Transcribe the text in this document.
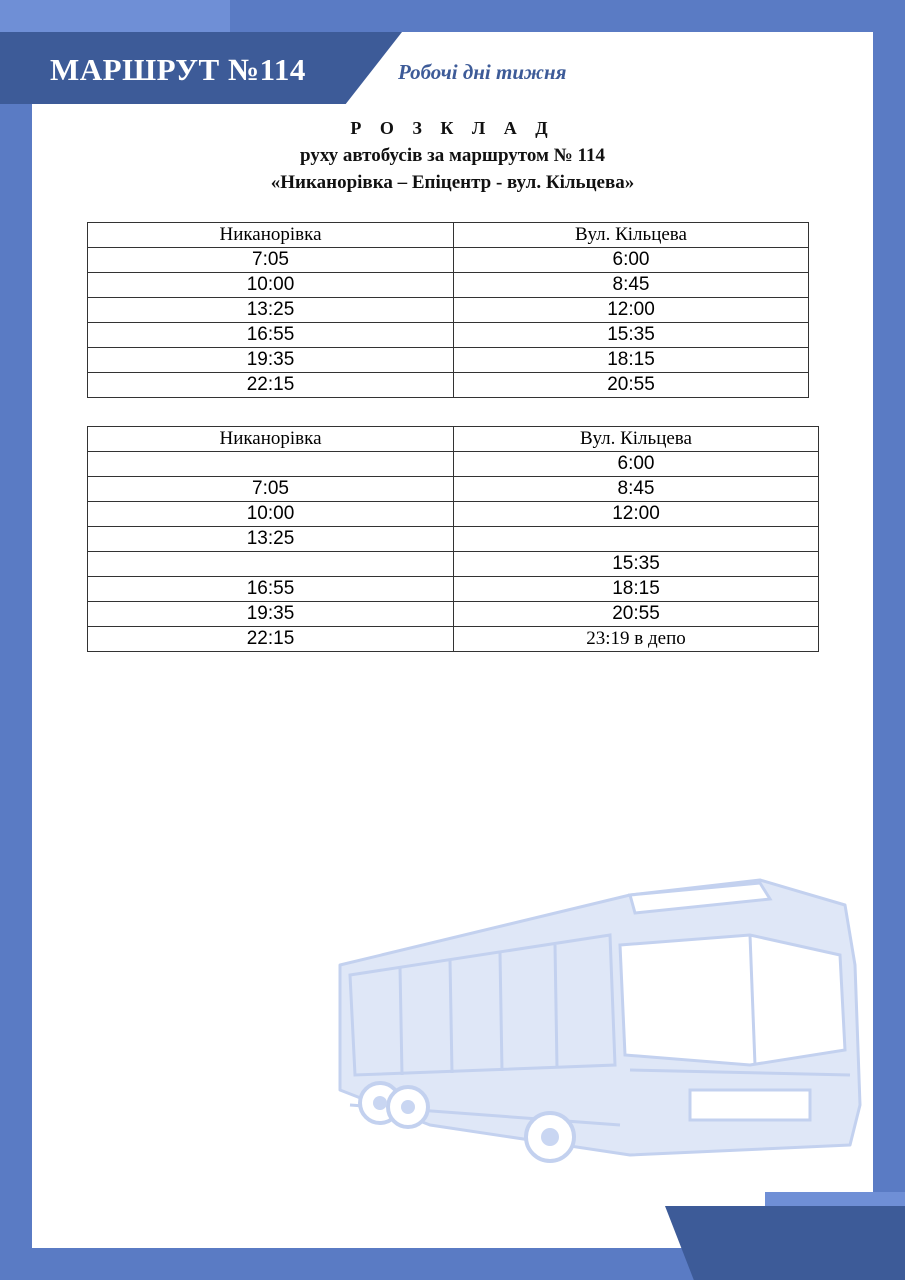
МАРШРУТ №114	Робочі дні тижня
Р О З К Л А Д
руху автобусів за маршрутом № 114
«Никанорівка – Епіцентр - вул. Кільцева»
Никанорівка	Вул. Кільцева
7:05	6:00
10:00	8:45
13:25	12:00
16:55	15:35
19:35	18:15
22:15	20:55
Никанорівка	Вул. Кільцева
	6:00
7:05	8:45
10:00	12:00
13:25	
	15:35
16:55	18:15
19:35	20:55
22:15	23:19 в депо
